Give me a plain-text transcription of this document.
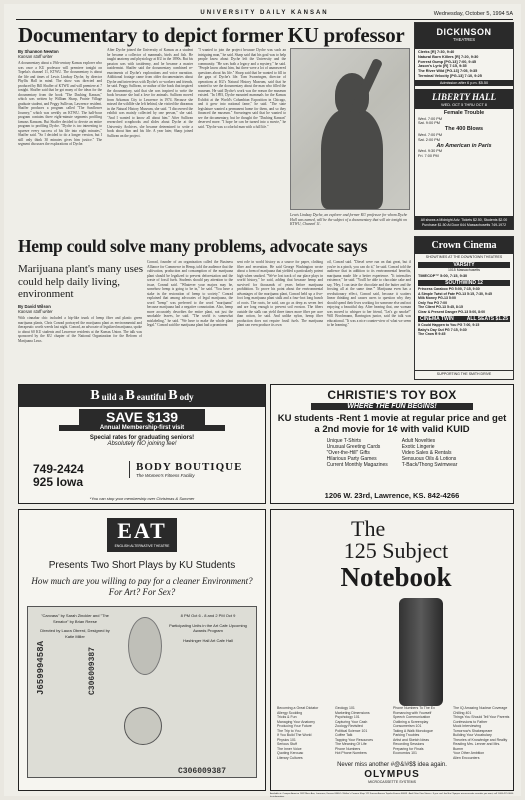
UNIVERSITY DAILY KANSAN	Wednesday, October 5, 1994 5A
Documentary to depict former KU professor
By Shannon Newton
Kansan staff writer
A documentary about a 19th-century Kansas explorer who was once a KU professor will premiere tonight on Topeka's channel 11, KTWU. The documentary is about the life and times of Lewis Lindsay Dyche, by director Phyllis Hall in mind. The show was directed and produced by Bill Shaffer of KTWU and will premiere at 7 tonight. Shaffer said that he got many of the ideas for the documentary from the book "The Dashing Kansan," which was written by William Sharp, Prairie Village graduate student, and Peggy Sullivan, Lawrence resident. Shaffer produces a program called "The Sunflower Journey," which was weekly on KTWU. The half-hour program contains three eight-minute segments profiling famous Kansans. But Shaffer decided to devote an entire program to profiling Dyche. "Dyche is too interesting to squeeze every success of his life into eight minutes," Shaffer said. "So I decided to do a longer version, but I still only think 30 minutes gives him justice." The segment discusses the explorations of Dyche.
After Dyche joined the University of Kansas as a student he became a collector of mammals, birds and fish. He taught anatomy and physiology at KU in the 1890s. But his passion was with taxidermy, and he became a master taxidermist. Shaffer said the documentary combined re-enactments of Dyche's explorations and voice narration. Additional footage came from older documentaries about Dyche and interviews with Dyche's co-workers and friends, he said. Peggy Sullivan, co-author of the book that inspired the documentary, said that she was inspired to write the book because she had a love for animals. Sullivan moved from Arkansas City to Lawrence in 1974. Because she missed the wildlife she left behind, she visited the dioramas in the Natural History Museum, she said. "I discovered the exhibit was mainly collected by one person," she said. "And I wanted to know all about him." After Sullivan researched scrapbooks and slides about Dyche at the University Archives, she became determined to write a book about him and his life. A year later, Sharp joined Sullivan on the project.
"I wanted to join the project because Dyche was such an intriguing man," he said. Sharp said that his goal was to help people know about Dyche left the University and the community. "He was both a legacy and a mystery," he said. "People know about him, but there were a lot of unanswered questions about his life." Sharp said that he wanted to fill in the gaps of Dyche's life. Tom Swearingen, director of operations at KU's Natural History Museum, said that he wanted to see the documentary about the man who filled the museum. He said Dyche's work was the reason the museum existed. "In 1893, Dyche mounted mammals for the Kansas Exhibit at the World's Columbian Exposition in Chicago, and it grew into national fame," he said. "The state legislature wanted a permanent home for them, and so they financed the museum." Swearingen said that he wanted to see the documentary, but he thought the "Dashing Kansan" deserved more. "I hope he can be turned into a movie," he said. "Dyche was a colorful man with a full life."
Lewis Lindsay Dyche, an explorer and former KU professor for whom Dyche Hall was named, will be the subject of a documentary that will air tonight on KTWU, Channel 11.
DICKINSON
THEATRES
Clerks [R] 7:30, 9:40
Natural Born Killers [R] 7:20, 9:30
Forrest Gump [PG-13] 7:00, 9:45
Jason's Lyric [R] 7:15, 9:35
The River Wild [PG-13] 7:05, 9:35
Terminal Velocity [PG-13] 7:10, 9:25
Admission after 6 p.m. $5.50
LIBERTY HALL
WED. OCT 5 THRU OCT 8
Female Trouble
Wed. 7:00 PM
Sat. 9:00 PM
The 400 Blows
Wed. 7:00 PM
Sat. 2:00 PM
An American in Paris
Wed. 9:30 PM
Fri. 7:00 PM
All shows a Midnight Adv. Tickets $2.50, Students $2.00 Purchase $1.50 At Door 644 Massachusetts 749-1972
Crown Cinema
SHOWTIMES AT THE DOWNTOWN THEATRES
VARSITY
1015 Massachusetts
TIMECOP™ 5:00, 7:15, 9:30
SOUTHWIND 12
Princess Caraboo PG 5:00, 7:15, 9:30
A Simple Twist of Fate PG-13 5:15, 7:30, 9:45
Milk Money PG-13 5:00
Only You PG 7:00
The Client PG-13 5:45, 8:15
Clear & Present Danger PG-13 5:00, 8:00
CINEMA TWIN	ALL SEATS $1.25
It Could Happen to You PG 7:00, 9:15
Baby's Day Out PG 7:15, 9:30
The Crow R 9:45
SUPPORTING THE SMITH DRIVE
Hemp could solve many problems, advocate says
Marijuana plant's many uses could help daily living, environment
By David Wilson
Kansan staff writer
With cinnabar chic included a hip-like trunk of hemp fiber and plastic green marijuana plants, Chris Conrad portrayed the marijuana plant as environmental and therapeutic worth weeds last night. Conrad, an advocate of legalized marijuana, spoke to about 60 KU students and Lawrence residents at the Kansas Union. The talk was sponsored by the KU chapter of the National Organization for the Reform of Marijuana Laws.
Conrad, founder of an organization called the Business Alliance for Commerce in Hemp, told the audience that the cultivation, production and consumption of the marijuana plant should be legalized to prevent deforestation and the waste of fossil fuels. Students should pay attention to the issue, Conrad said. "Whatever your majors may be, somehow hemp is going to be in," he said. "You have a stake in the restoration of hemp to society." Conrad explained that among advocates of legal marijuana, the word "hemp" was preferred to the word "marijuana" because marijuana had a negative connotation. Also, hemp more accurately describes the entire plant, not just the smokable leaves, he said. "The world is somewhat mislabeling," he said. "We have to make the whole plant legal." Conrad said the marijuana plant had a prominent
sent role in world history as a source for paper, clothing fiber and recreation. He said George Washington wrote about a form of marijuana that yielded a particularly potent high when smoked. "We've lost track of our place plays in world history," he said, adding that because hemp and survived for thousands of years before marijuana prohibition. To prove his point about the environmental advantages of the marijuana plant, Conrad held up a five-foot long marijuana plant stalk and a four-foot long bunch of roots. The roots, he said, can go as deep as seven feet and are long enough to prevent soil erosion. The fibers outside the stalk can yield three times more fiber per acre than cotton, he said. And unlike nylon, hemp fiber production does not require fossil fuels. The marijuana plant can even produce its own
oil, Conrad said. "Diesel were run on that great, but if you're in a pinch, you can do it," he said. Conrad told the audience that in addition to its environmental benefits, marijuana made life a better experience. "It intensifies existence," he said. "You'll be able to chocolate cake and say, 'Hey, I can taste the chocolate and the butter and the frosting all at the same time.'" Marijuana even has a revolutionary effect, Conrad said, because it scatters linear thinking and causes users to question why they should spend their lives working for someone else and not enjoying a beautiful day. After hearing that, one woman was moved to whisper to her friend, "Let's go smoke!" Will Brochmann, Barrington junior, said the talk was educational. "It was a nice counter-view of what we seem to be learning."
B uild a B eautiful B ody
SAVE $139
Annual Membership-first visit
Special rates for graduating seniors!
Absolutely NO joining fee!
749-2424
925 Iowa
BODY BOUTIQUE
The Women's Fitness Facility
*You can stop your membership over Christmas & Summer
CHRISTIE'S TOY BOX
WHERE THE FUN BEGINS!
KU students -Rent 1 movie at regular price and get a 2nd movie for 1¢ with valid KUID
Unique T-Shirts
Unusual Greeting Cards
"Over-the-Hill" Gifts
Hilarious Party Games
Current Monthly Magazines
Adult Novelties
Exotic Lingerie
Video Sales & Rentals
Sensuous Oils & Lotions
T-Back/Thong Swimwear
1206 W. 23rd, Lawrence, KS. 842-4266
EAT
ENGLISH ALTERNATIVE THEATRE
Presents Two Short Plays by KU Students
How much are you willing to pay for a cleaner Environment? For Art? For Sex?
"Canvass" by Sarah Zinckler and "The Senator" by Brian Reese
Directed by Laura Obrerd, Designed by Katie Miller
8 PM Oct 6 - 8 and 2 PM Oct 9
Participating Units in the Art Cafe Upcoming Awards Program
Hashinger Hall Art Cafe Hall
J65999458A	C306009387
C306009387
The
125 Subject
Notebook
Becoming a Great Dictator
Allergy Scolding
Tricks & Fun
Managing Your Anatomy
Producing Your Future
The Trip to You
If You Build The World
Physics 101
Serious Stuff
The Inner Voice
Quoting Kerouac
Literary Cultures
Geology 101
Marketing Dimensions
Psychology 101
Capturing Your Cash
Zoology Revisited
Political Science 101
Coffee Talk
Tapping Your Resources
The Meaning Of Life
Phone Numbers
Hot Phone Numbers
Phone Numbers To The Ex
Romancing with Yourself
Speech Communication
Outlining a Screenplay
Consumerism 101
Taking A Walk Monologue
Parking Troubles
Artist and Sketch Ideas
Recording Sessions
Preparing for Finals
Economics 101
The IQ Amazing Nuclear Coverage
Chilling 401
Things You Should Tell Your Parents
Confessions to Father
Mock Interviewing
Tomorrow's Shakespeare
Building Your Vocabulary
Theories of Knowledge and Reality
Reading Mrs. Lenner and Mrs. Bumm
Your Other Ambition
Alien Encounters
Never miss another #@&!#$$ idea again.
OLYMPUS
MICROCASSETTE SYSTEMS
Available at: Campus America 1032 Mass Ave, Lawrence, Kansas 66044 • Walker's Camera Shop 121 Kansas Avenue Topeka Kansas 66603 • And Other Fine Stores • If you can't find the Olympus microcassette recorder you want, call 1-800-221-3000 for information.
